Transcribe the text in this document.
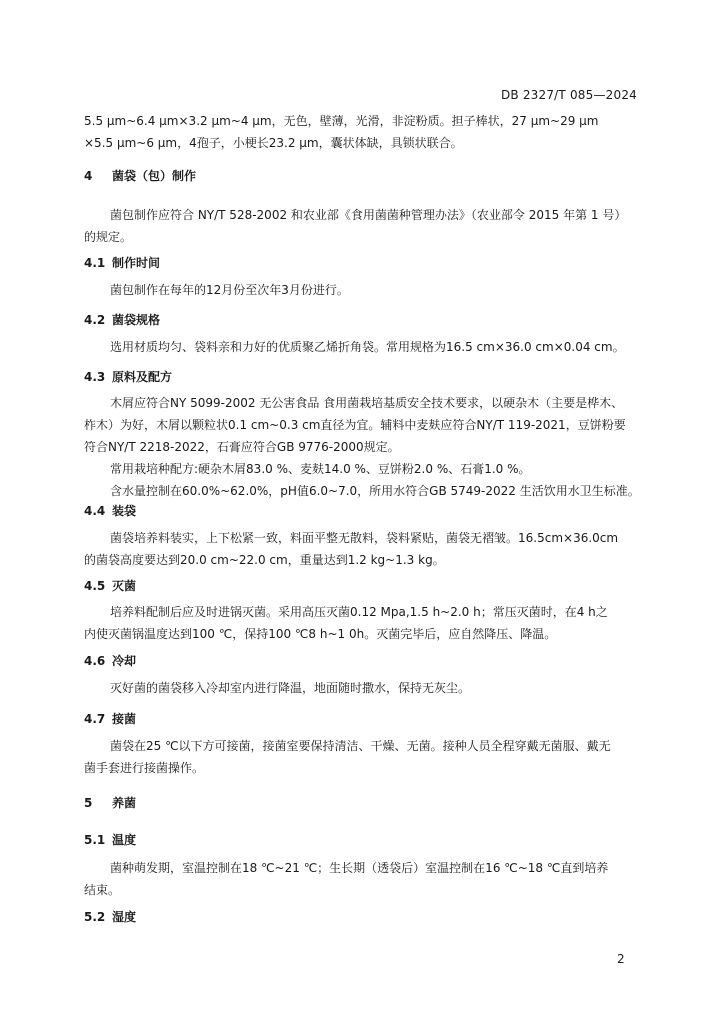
DB 2327/T 085—2024
5.5 μm~6.4 μm×3.2 μm~4 μm，无色，壁薄，光滑，非淀粉质。担子棒状，27 μm~29 μm
×5.5 μm~6 μm，4孢子，小梗长23.2 μm，囊状体缺，具锁状联合。
4 菌袋（包）制作
菌包制作应符合 NY/T 528-2002 和农业部《食用菌菌种管理办法》（农业部令 2015 年第 1 号）
的规定。
4.1 制作时间
菌包制作在每年的12月份至次年3月份进行。
4.2 菌袋规格
选用材质均匀、袋料亲和力好的优质聚乙烯折角袋。常用规格为16.5 cm×36.0 cm×0.04 cm。
4.3 原料及配方
木屑应符合NY 5099-2002 无公害食品 食用菌栽培基质安全技术要求，以硬杂木（主要是桦木、
柞木）为好，木屑以颗粒状0.1 cm~0.3 cm直径为宜。辅料中麦麸应符合NY/T 119-2021，豆饼粉要
符合NY/T 2218-2022，石膏应符合GB 9776-2000规定。
常用栽培种配方:硬杂木屑83.0 %、麦麸14.0 %、豆饼粉2.0 %、石膏1.0 %。
含水量控制在60.0%~62.0%，pH值6.0~7.0，所用水符合GB 5749-2022 生活饮用水卫生标准。
4.4 装袋
菌袋培养料装实，上下松紧一致，料面平整无散料，袋料紧贴，菌袋无褶皱。16.5cm×36.0cm
的菌袋高度要达到20.0 cm~22.0 cm，重量达到1.2 kg~1.3 kg。
4.5 灭菌
培养料配制后应及时进锅灭菌。采用高压灭菌0.12 Mpa,1.5 h~2.0 h；常压灭菌时，在4 h之
内使灭菌锅温度达到100 ℃，保持100 ℃8 h~1 0h。灭菌完毕后，应自然降压、降温。
4.6 冷却
灭好菌的菌袋移入冷却室内进行降温，地面随时撒水，保持无灰尘。
4.7 接菌
菌袋在25 ℃以下方可接菌，接菌室要保持清洁、干燥、无菌。接种人员全程穿戴无菌服、戴无
菌手套进行接菌操作。
5 养菌
5.1 温度
菌种萌发期，室温控制在18 ℃~21 ℃；生长期（透袋后）室温控制在16 ℃~18 ℃直到培养
结束。
5.2 湿度
2
